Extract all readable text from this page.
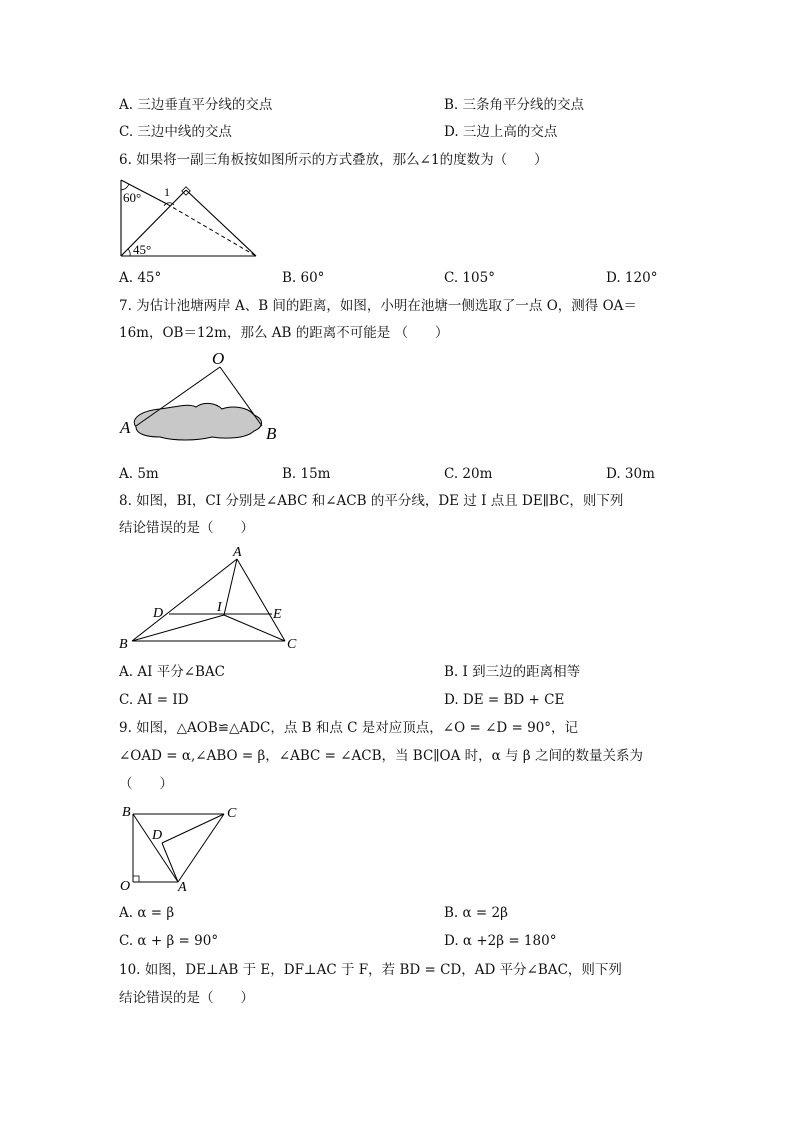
A. 三边垂直平分线的交点	B. 三条角平分线的交点
C. 三边中线的交点	D. 三边上高的交点
6. 如果将一副三角板按如图所示的方式叠放，那么∠1的度数为（　　）
60° 1
45°
A. 45°	B. 60°	C. 105°	D. 120°
7. 为估计池塘两岸 A、B 间的距离，如图，小明在池塘一侧选取了一点 O，测得 OA＝
16m，OB＝12m，那么 AB 的距离不可能是 （　　）
O
A	B
A. 5m	B. 15m	C. 20m	D. 30m
8. 如图，BI，CI 分别是∠ABC 和∠ACB 的平分线，DE 过 I 点且 DE∥BC，则下列
结论错误的是（　　）
A
D	I	E
B	C
A. AI 平分∠BAC	B. I 到三边的距离相等
C. AI = ID	D. DE = BD + CE
9. 如图，△AOB≌△ADC，点 B 和点 C 是对应顶点，∠O = ∠D = 90°，记
∠OAD = α,∠ABO = β，∠ABC = ∠ACB，当 BC∥OA 时，α 与 β 之间的数量关系为
（　　）
B	C
D
O	A
A. α = β	B. α = 2β
C. α + β = 90°	D. α +2β = 180°
10. 如图，DE⊥AB 于 E，DF⊥AC 于 F，若 BD = CD，AD 平分∠BAC，则下列
结论错误的是（　　）
